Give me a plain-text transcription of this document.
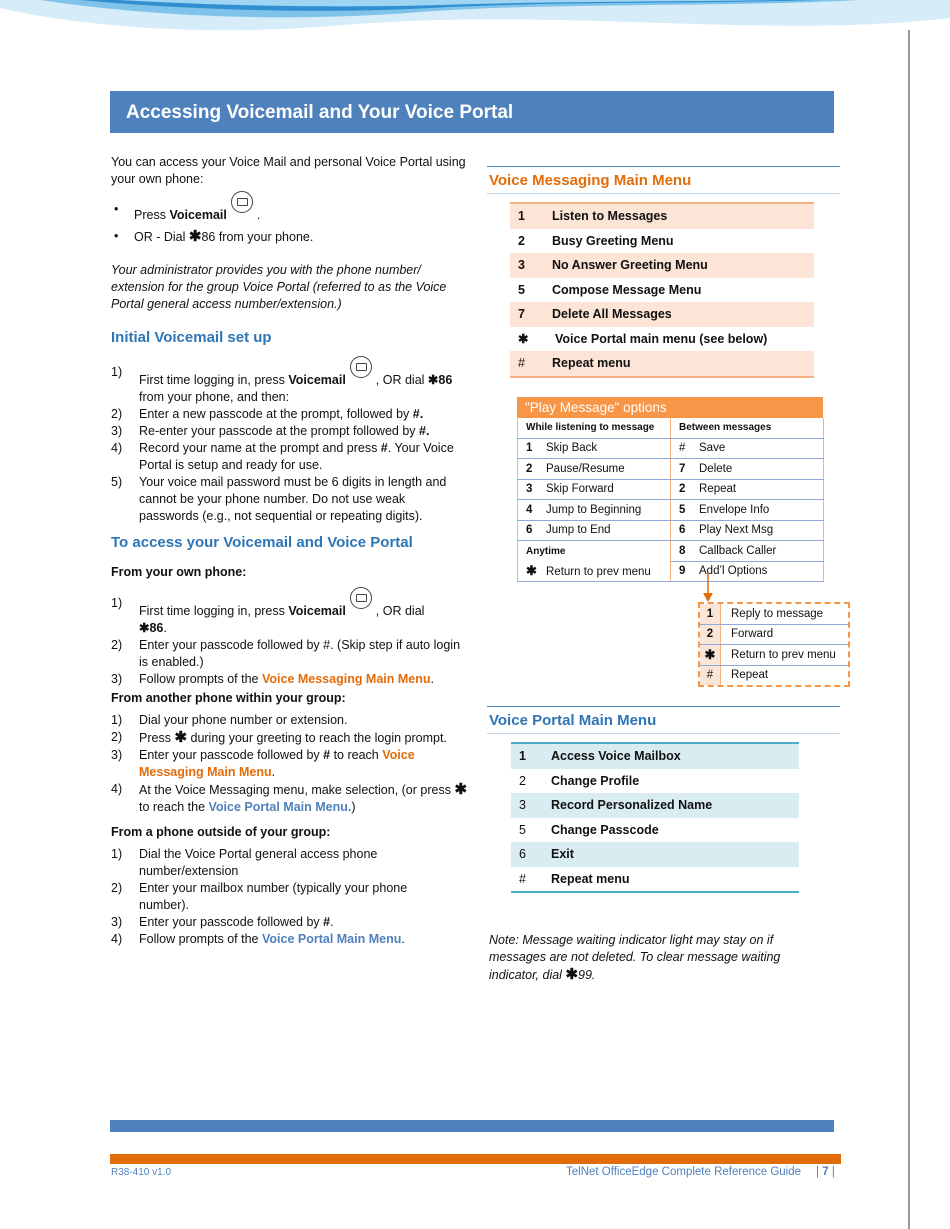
Accessing Voicemail and Your Voice Portal

You can access your Voice Mail and personal Voice Portal using your own phone:

• Press Voicemail .
• OR - Dial ✱86 from your phone.

Your administrator provides you with the phone number/ extension for the group Voice Portal (referred to as the Voice Portal general access number/extension.)

Initial Voicemail set up
1)
First time logging in, press Voicemail , OR dial ✱86
from your phone, and then:
2) Enter a new passcode at the prompt, followed by #.
3) Re-enter your passcode at the prompt followed by #.
4) Record your name at the prompt and press #. Your Voice Portal is setup and ready for use.
5) Your voice mail password must be 6 digits in length and cannot be your phone number. Do not use weak passwords (e.g., not sequential or repeating digits).
To access your Voicemail and Voice Portal
From your own phone:
1)
First time logging in, press Voicemail , OR dial
✱86.
2) Enter your passcode followed by #. (Skip step if auto login is enabled.)
3) Follow prompts of the Voice Messaging Main Menu.
From another phone within your group:
1) Dial your phone number or extension.
2) Press ✱ during your greeting to reach the login prompt.
3) Enter your passcode followed by # to reach Voice Messaging Main Menu.
4) At the Voice Messaging menu, make selection, (or press ✱ to reach the Voice Portal Main Menu.)
From a phone outside of your group:
1) Dial the Voice Portal general access phone number/extension
2) Enter your mailbox number (typically your phone number).
3) Enter your passcode followed by #.
4) Follow prompts of the Voice Portal Main Menu.
Voice Messaging Main Menu
1	Listen to Messages
2	Busy Greeting Menu
3	No Answer Greeting Menu
5	Compose Message Menu
7	Delete All Messages
✱	Voice Portal main menu (see below)
#	Repeat menu
"Play Message" options
While listening to message	Between messages
1 Skip Back	# Save
2 Pause/Resume	7 Delete
3 Skip Forward	2 Repeat
4 Jump to Beginning	5 Envelope Info
6 Jump to End	6 Play Next Msg
Anytime	8 Callback Caller
✱ Return to prev menu	9 Add’l Options
1	Reply to message
2	Forward
✱	Return to prev menu
#	Repeat
Voice Portal Main Menu
1	Access Voice Mailbox
2	Change Profile
3	Record Personalized Name
5	Change Passcode
6	Exit
#	Repeat menu

Note: Message waiting indicator light may stay on if messages are not deleted. To clear message waiting indicator, dial ✱99.

R38-410 v1.0	TelNet OfficeEdge Complete Reference Guide | 7 |
